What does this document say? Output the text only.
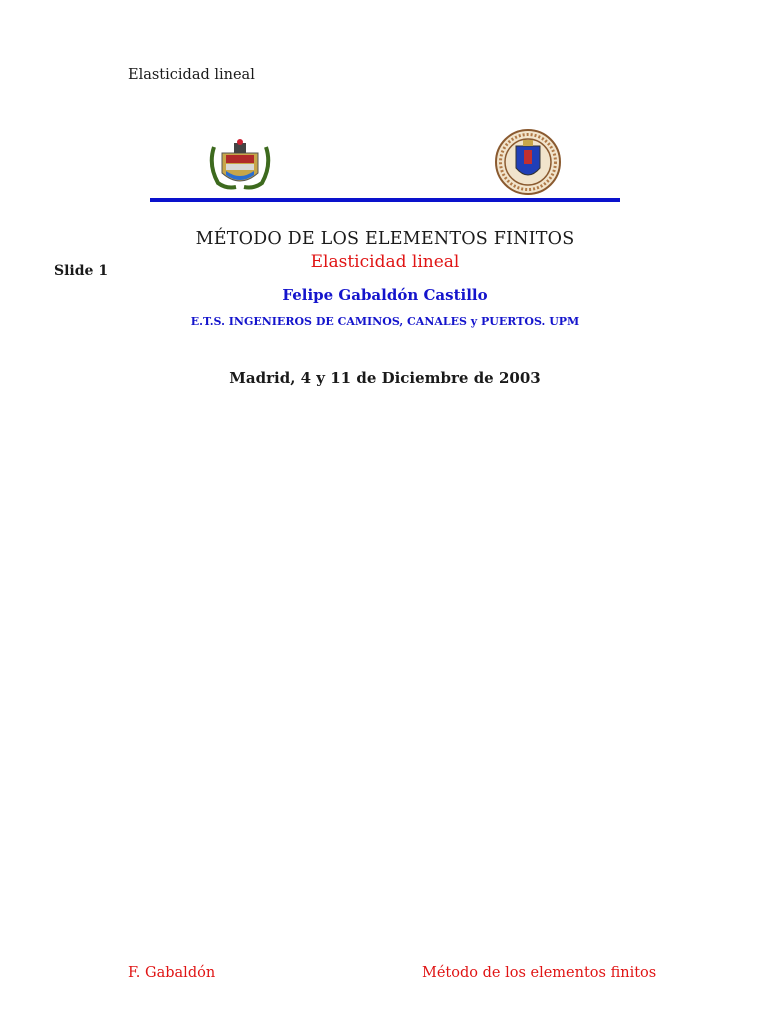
Elasticidad lineal
MÉTODO DE LOS ELEMENTOS FINITOS
Elasticidad lineal
Felipe Gabaldón Castillo
E.T.S. INGENIEROS DE CAMINOS, CANALES y PUERTOS. UPM
Madrid, 4 y 11 de Diciembre de 2003
Slide 1
F. Gabaldón	Método de los elementos finitos
